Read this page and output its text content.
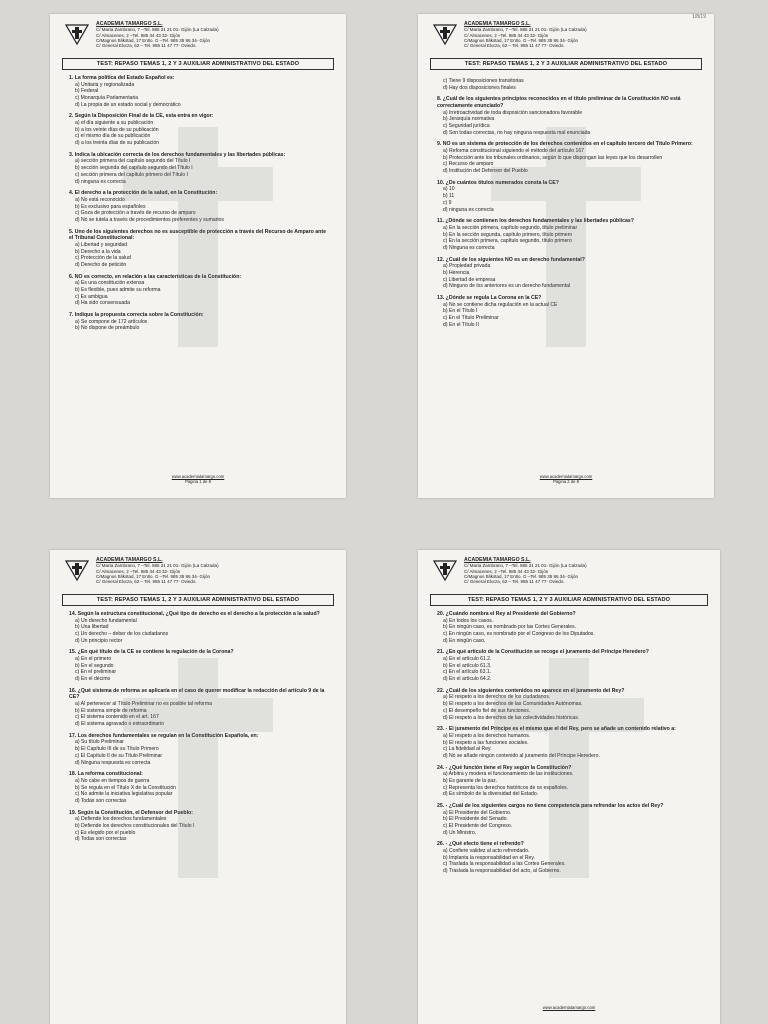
ACADEMIA TAMARGO S.L.
C/ Marta Zambrano, 7 –Tel. 985 31 21 01- Gijón (La Calzada)
C/ Almacenes, 2 –Tel. 985 34 43 32- Gijón
C/Magnus Blikstad, 17 Entlo. G –Tel. 985 35 86 34- Gijón
C/ General Elorza, 62 – Tel. 985 11 47 77- Oviedo.
TEST: REPASO TEMAS 1, 2 Y 3 AUXILIAR ADMINISTRATIVO DEL ESTADO
1. La forma política del Estado Español es:
a) Unitaria y regionalizada
b) Federal
c) Monarquía Parlamentaria
d) La propia de un estado social y democrático
2. Según la Disposición Final de la CE, esta entra en vigor:
a) el día siguiente a su publicación
b) a los veinte días de su publicación
c) el mismo día de su publicación
d) a los treinta días de su publicación
3. Indica la ubicación correcta de los derechos fundamentales y las libertades públicas:
a) sección primera del capítulo segundo del Título I
b) sección segunda del capítulo segundo del Título I
c) sección primera del capítulo primero del Título I
d) ninguna es correcta
4. El derecho a la protección de la salud, en la Constitución:
a) No está reconocido
b) Es exclusivo para españoles
c) Goza de protección a través de recurso de amparo
d) No se tutela a través de procedimientos preferentes y sumarios
5. Uno de los siguientes derechos no es susceptible de protección a través del Recurso de Amparo ante el Tribunal Constitucional:
a) Libertad y seguridad
b) Derecho a la vida
c) Protección de la salud
d) Derecho de petición
6. NO es correcto, en relación a las características de la Constitución:
a) Es una constitución extensa
b) Es flexible, pues admite su reforma
c) Es ambigua
d) Ha sido consensuada
7. Indique la propuesta correcta sobre la Constitución:
a) Se compone de 172 artículos
b) No dispone de preámbulo
www.academiatamargo.com
Página 1 de 8
1/8/19
ACADEMIA TAMARGO S.L.
C/ Marta Zambrano, 7 –Tel. 985 31 21 01- Gijón (La Calzada)
C/ Almacenes, 2 –Tel. 985 34 43 32- Gijón
C/Magnus Blikstad, 17 Entlo. G –Tel. 985 35 86 34- Gijón
C/ General Elorza, 62 – Tel. 985 11 47 77- Oviedo.
TEST: REPASO TEMAS 1, 2 Y 3 AUXILIAR ADMINISTRATIVO DEL ESTADO
c) Tiene 9 disposiciones transitorias
d) Hay dos disposiciones finales
8. ¿Cuál de los siguientes principios reconocidos en el título preliminar de la Constitución NO está correctamente enunciado?
a) Irretroactividad de toda disposición sancionadora favorable
b) Jerarquía normativa
c) Seguridad jurídica
d) Son todas correctas, no hay ninguna respuesta mal enunciada
9. NO es un sistema de protección de los derechos contenidos en el capítulo tercero del Título Primero:
a) Reforma constitucional siguiendo el método del artículo 167
b) Protección ante los tribunales ordinarios, según lo que dispongan las leyes que los desarrollen
c) Recurso de amparo
d) Institución del Defensor del Pueblo
10. ¿De cuántos títulos numerados consta la CE?
a) 10
b) 11
c) 9
d) ninguna es correcta
11. ¿Dónde se contienen los derechos fundamentales y las libertades públicas?
a) En la sección primera, capítulo segundo, título preliminar
b) En la sección segunda, capítulo primero, título primero
c) En la sección primera, capítulo segundo, título primero
d) Ninguna es correcta
12. ¿Cuál de los siguientes NO es un derecho fundamental?
a) Propiedad privada
b) Herencia
c) Libertad de empresa
d) Ninguno de los anteriores es un derecho fundamental
13. ¿Dónde se regula La Corona en la CE?
a) No se contiene dicha regulación en la actual CE
b) En el Título I
c) En el Título Preliminar
d) En el Título II
www.academiatamargo.com
Página 2 de 8
ACADEMIA TAMARGO S.L.
C/ Marta Zambrano, 7 –Tel. 985 31 21 01- Gijón (La Calzada)
C/ Almacenes, 2 –Tel. 985 34 43 32- Gijón
C/Magnus Blikstad, 17 Entlo. G –Tel. 985 35 86 34- Gijón
C/ General Elorza, 62 – Tel. 985 11 47 77- Oviedo.
TEST: REPASO TEMAS 1, 2 Y 3 AUXILIAR ADMINISTRATIVO DEL ESTADO
14. Según la estructura constitucional, ¿Qué tipo de derecho es el derecho a la protección a la salud?
a) Un derecho fundamental
b) Una libertad
c) Un derecho – deber de los ciudadanos
d) Un principio rector
15. ¿En qué título de la CE se contiene la regulación de la Corona?
a) En el primero
b) En el segundo
c) En el preliminar
d) En el décimo
16. ¿Qué sistema de reforma se aplicaría en el caso de querer modificar la redacción del artículo 9 de la CE?
a) Al pertenecer al Título Preliminar no es posible tal reforma
b) El sistema simple de reforma
c) El sistema contenido en el art. 167
d) El sistema agravado o extraordinario
17. Los derechos fundamentales se regulan en la Constitución Española, en:
a) Su título Preliminar
b) El Capítulo III de su Título Primero
c) El Capítulo II de su Título Preliminar
d) Ninguna respuesta es correcta
18. La reforma constitucional:
a) No cabe en tiempos de guerra
b) Se regula en el Título X de la Constitución
c) No admite la iniciativa legislativa popular
d) Todas son correctas
19. Según la Constitución, el Defensor del Pueblo:
a) Defiende los derechos fundamentales
b) Defiende los derechos constitucionales del Título I
c) Es elegido por el pueblo
d) Todas son correctas
ACADEMIA TAMARGO S.L.
C/ Marta Zambrano, 7 –Tel. 985 31 21 01- Gijón (La Calzada)
C/ Almacenes, 2 –Tel. 985 34 43 32- Gijón
C/Magnus Blikstad, 17 Entlo. G –Tel. 985 35 86 34- Gijón
C/ General Elorza, 62 – Tel. 985 11 47 77- Oviedo.
TEST: REPASO TEMAS 1, 2 Y 3 AUXILIAR ADMINISTRATIVO DEL ESTADO
20. ¿Cuándo nombra el Rey al Presidente del Gobierno?
a) En todos los casos.
b) En ningún caso, es nombrado por las Cortes Generales.
c) En ningún caso, es nombrado por el Congreso de los Diputados.
d) En ningún caso.
21. ¿En qué artículo de la Constitución se recoge el juramento del Príncipe Heredero?
a) En el artículo 61.2.
b) En el artículo 61.3.
c) En el artículo 63.1.
d) En el artículo 64.2.
22. ¿Cuál de los siguientes contenidos no aparece en el juramento del Rey?
a) El respeto a los derechos de los ciudadanos.
b) El respeto a los derechos de las Comunidades Autónomas.
c) El desempeño fiel de sus funciones.
d) El respeto a los derechos de las colectividades históricas.
23. - El juramento del Príncipe es el mismo que el del Rey, pero se añade un contenido relativo a:
a) El respeto a los derechos humanos.
b) El respeto a las funciones sociales.
c) La fidelidad al Rey.
d) No se añade ningún contenido al juramento del Príncipe Heredero.
24. - ¿Qué función tiene el Rey según la Constitución?
a) Arbitra y modera el funcionamiento de las instituciones.
b) Es garante de la paz.
c) Representa los derechos históricos de os españoles.
d) Es símbolo de la diversidad del Estado.
25. - ¿Cuál de los siguientes cargos no tiene competencia para refrendar los actos del Rey?
a) El Presidente del Gobierno.
b) El Presidente del Senado.
c) El Presidente del Congreso.
d) Un Ministro.
26. - ¿Qué efecto tiene el refrendo?
a) Confiere validez al acto refrendado.
b) Implanta la responsabilidad en el Rey.
c) Traslada la responsabilidad a las Cortes Generales.
d) Traslada la responsabilidad del acto, al Gobierno.
www.academiatamargo.com
